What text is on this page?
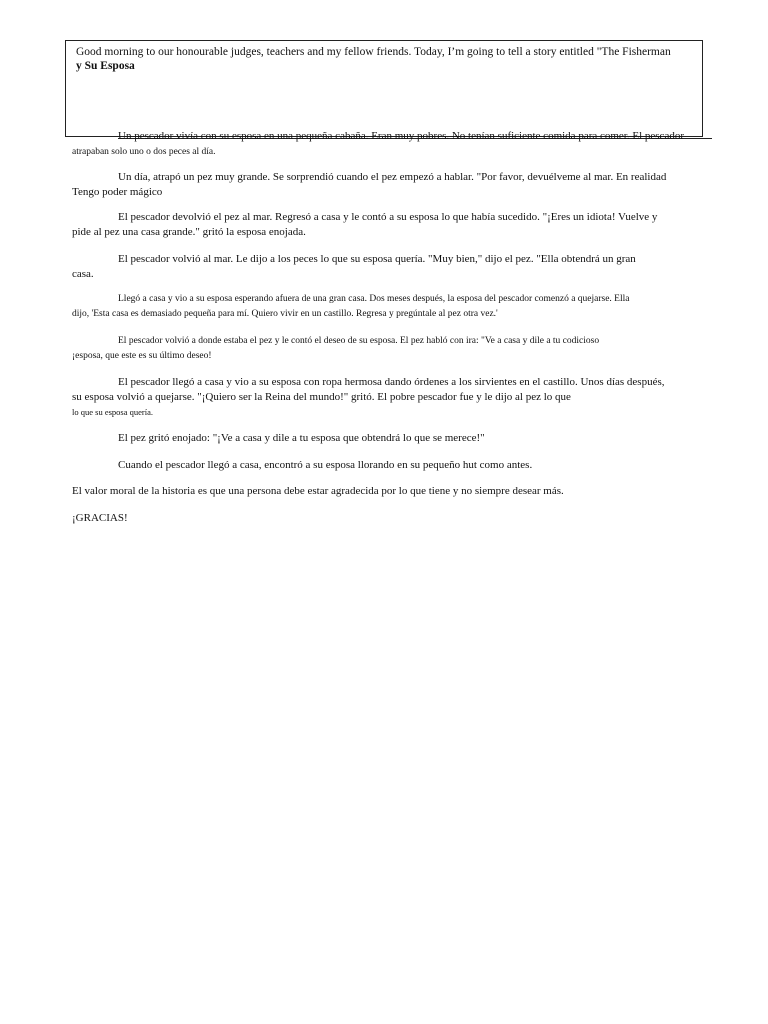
Good morning to our honourable judges, teachers and my fellow friends. Today, I’m going to tell a story entitled "The Fisherman
y Su Esposa
Un pescador vivía con su esposa en una pequeña cabaña. Eran muy pobres. No tenían suficiente comida para comer. El pescador
atrapaban solo uno o dos peces al día.
Un día, atrapó un pez muy grande. Se sorprendió cuando el pez empezó a hablar. "Por favor, devuélveme al mar. En realidad
Tengo poder mágico
El pescador devolvió el pez al mar. Regresó a casa y le contó a su esposa lo que había sucedido. "¡Eres un idiota! Vuelve y
pide al pez una casa grande." gritó la esposa enojada.
El pescador volvió al mar. Le dijo a los peces lo que su esposa quería. "Muy bien," dijo el pez. "Ella obtendrá un gran
casa.
Llegó a casa y vio a su esposa esperando afuera de una gran casa. Dos meses después, la esposa del pescador comenzó a quejarse. Ella
dijo, 'Esta casa es demasiado pequeña para mí. Quiero vivir en un castillo. Regresa y pregúntale al pez otra vez.'
El pescador volvió a donde estaba el pez y le contó el deseo de su esposa. El pez habló con ira: "Ve a casa y dile a tu codicioso
¡esposa, que este es su último deseo!
El pescador llegó a casa y vio a su esposa con ropa hermosa dando órdenes a los sirvientes en el castillo. Unos días después,
su esposa volvió a quejarse. "¡Quiero ser la Reina del mundo!" gritó. El pobre pescador fue y le dijo al pez lo que
lo que su esposa quería.
El pez gritó enojado: "¡Ve a casa y dile a tu esposa que obtendrá lo que se merece!"
Cuando el pescador llegó a casa, encontró a su esposa llorando en su pequeño hut como antes.
El valor moral de la historia es que una persona debe estar agradecida por lo que tiene y no siempre desear más.
¡GRACIAS!
